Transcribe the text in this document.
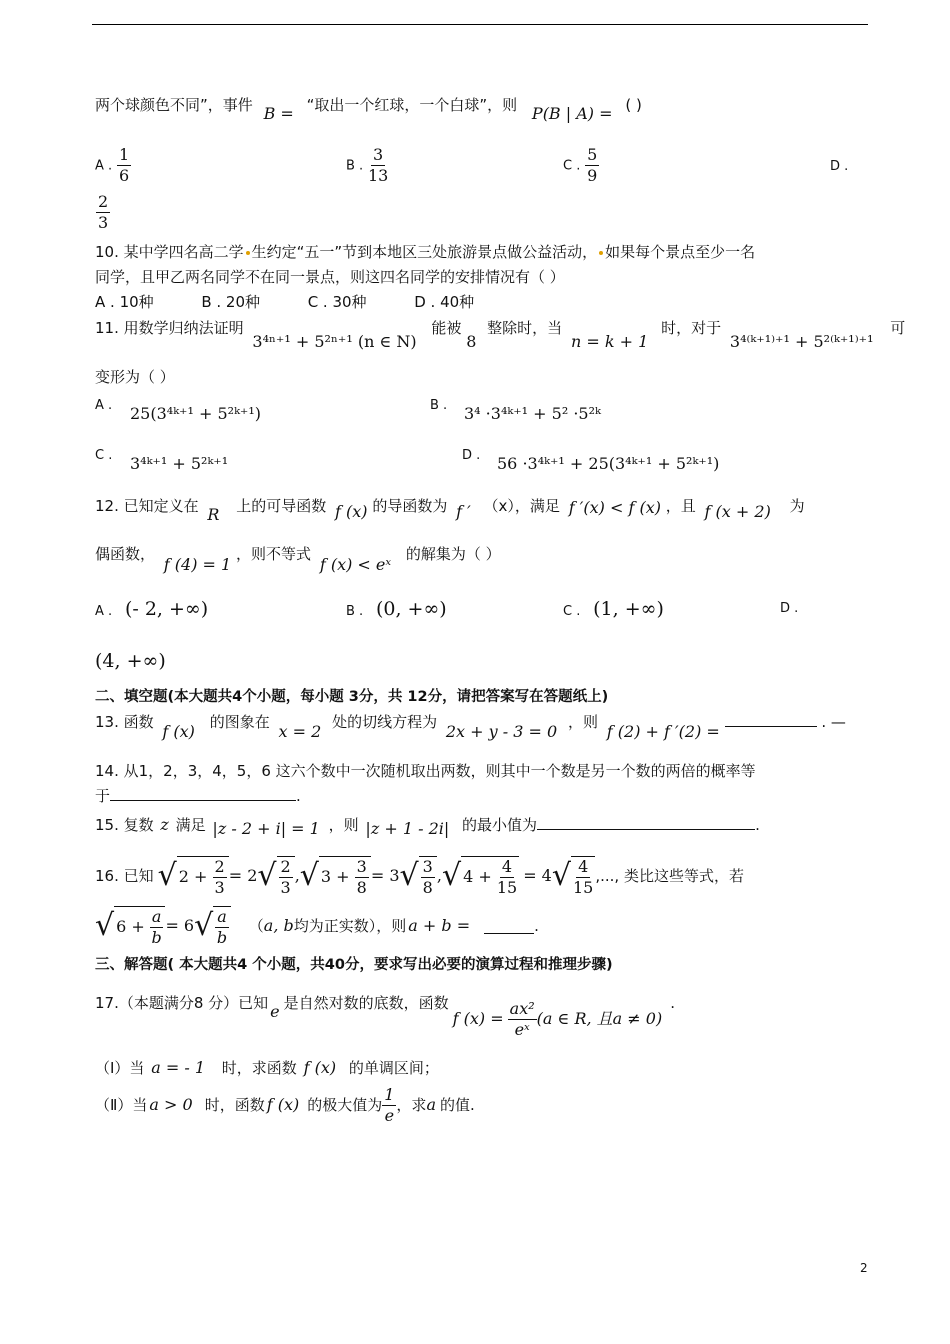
两个球颜色不同”，事件 B = “取出一个红球，一个白球”，则 P(B | A) = ( )
A . $\frac{1}{6}$	B . $\frac{3}{13}$	C . $\frac{5}{9}$	D .
$\frac{2}{3}$
10. 某中学四名高二学 生约定“五一”节到本地区三处旅游景点做公益活动， 如果每个景点至少一名
同学，且甲乙两名同学不在同一景点，则这四名同学的安排情况有（ ）
A . 10种          B . 20种          C . 30种          D . 40种
11. 用数学归纳法证明 3⁴ⁿ⁺¹ + 5²ⁿ⁺¹ (n ∈ N) 能被 8 整除时，当 n = k + 1 时，对于 3⁴⁽ᵏ⁺¹⁾⁺¹ + 5²⁽ᵏ⁺¹⁾⁺¹ 可
变形为（ ）
A . 25(3⁴ᵏ⁺¹ + 5²ᵏ⁺¹)	B . 3⁴ ·3⁴ᵏ⁺¹ + 5² ·5²ᵏ
C . 3⁴ᵏ⁺¹ + 5²ᵏ⁺¹	D . 56 ·3⁴ᵏ⁺¹ + 25(3⁴ᵏ⁺¹ + 5²ᵏ⁺¹)
12. 已知定义在 R 上的可导函数 f (x) 的导函数为 f ′ （x），满足 f ′(x) < f (x) ，且 f (x + 2) 为
偶函数， f (4) = 1 ，则不等式 f (x) < eˣ 的解集为（ ）
A . (- 2, +∞)	B . (0, +∞)	C . (1, +∞)	D .
(4, +∞)
二、填空题(本大题共4个小题，每小题 3分，共 12分，请把答案写在答题纸上)
13. 函数 f (x) 的图象在 x = 2 处的切线方程为 2x + y - 3 = 0 ，则 f (2) + f ′(2) =	. —
14. 从1，2，3，4，5，6 这六个数中一次随机取出两数，则其中一个数是另一个数的两倍的概率等
于	.
15. 复数 z 满足 |z - 2 + i| = 1 ，则 |z + 1 - 2i| 的最小值为	.
16. 已知 √ $2 + \frac{2}{3} = 2$ √ $\frac{2}{3}$ , √ $3 + \frac{3}{8} = 3$ √ $\frac{3}{8}$ , √ $4 + \frac{4}{15} = 4$ √ $\frac{4}{15}$ ,..., 类比这些等式，若
√ $6 + \frac{a}{b} = 6$ √ $\frac{a}{b}$ （ a, b 均为正实数），则 a + b =	.
三、解答题( 本大题共4 个小题，共40分，要求写出必要的演算过程和推理步骤)
17.（本题满分8 分）已知 e 是自然对数的底数，函数
f $(x) = \frac{\text{ax²}}{\text{eˣ}} (a$ ∈ R, 且a ≠ 0)
.
（Ⅰ）当 a = - 1 时，求函数 f (x) 的单调区间；
（Ⅱ）当 a > 0 时，函数 f (x) 的极大值为 $\frac{1}{e}$ ，求 a 的值.
2
